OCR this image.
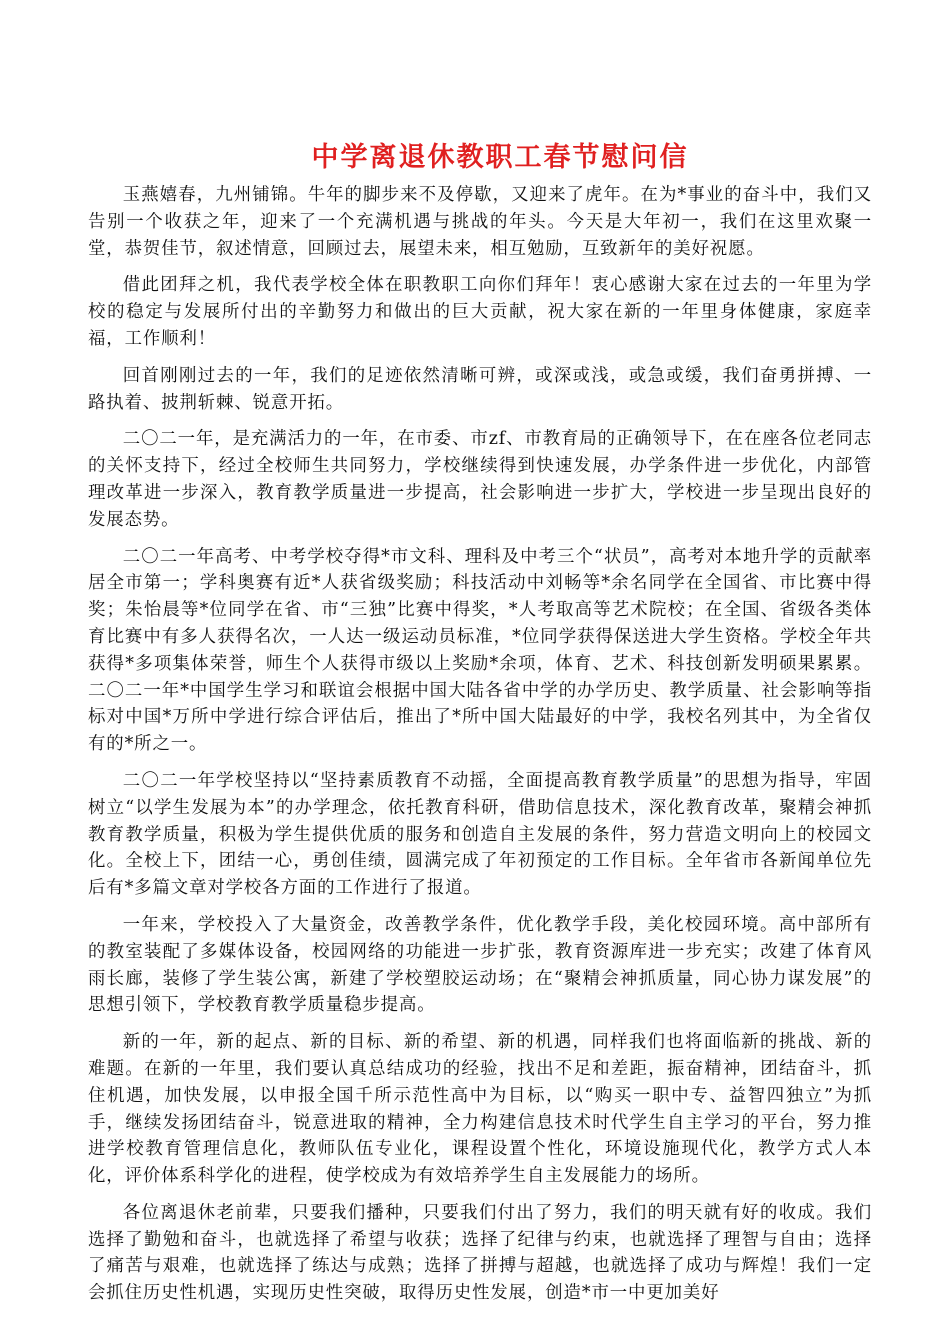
中学离退休教职工春节慰问信

玉燕嬉春，九州铺锦。牛年的脚步来不及停歇，又迎来了虎年。在为*事业的奋斗中，我们又告别一个收获之年，迎来了一个充满机遇与挑战的年头。今天是大年初一，我们在这里欢聚一堂，恭贺佳节，叙述情意，回顾过去，展望未来，相互勉励，互致新年的美好祝愿。

借此团拜之机，我代表学校全体在职教职工向你们拜年！衷心感谢大家在过去的一年里为学校的稳定与发展所付出的辛勤努力和做出的巨大贡献，祝大家在新的一年里身体健康，家庭幸福，工作顺利！

回首刚刚过去的一年，我们的足迹依然清晰可辨，或深或浅，或急或缓，我们奋勇拼搏、一路执着、披荆斩棘、锐意开拓。

二〇二一年，是充满活力的一年，在市委、市zf、市教育局的正确领导下，在在座各位老同志的关怀支持下，经过全校师生共同努力，学校继续得到快速发展，办学条件进一步优化，内部管理改革进一步深入，教育教学质量进一步提高，社会影响进一步扩大，学校进一步呈现出良好的发展态势。

二〇二一年高考、中考学校夺得*市文科、理科及中考三个“状员”，高考对本地升学的贡献率居全市第一；学科奥赛有近*人获省级奖励；科技活动中刘畅等*余名同学在全国省、市比赛中得奖；朱怡晨等*位同学在省、市“三独”比赛中得奖，*人考取高等艺术院校；在全国、省级各类体育比赛中有多人获得名次，一人达一级运动员标准，*位同学获得保送进大学生资格。学校全年共获得*多项集体荣誉，师生个人获得市级以上奖励*余项，体育、艺术、科技创新发明硕果累累。二〇二一年*中国学生学习和联谊会根据中国大陆各省中学的办学历史、教学质量、社会影响等指标对中国*万所中学进行综合评估后，推出了*所中国大陆最好的中学，我校名列其中，为全省仅有的*所之一。

二〇二一年学校坚持以“坚持素质教育不动摇，全面提高教育教学质量”的思想为指导，牢固树立“以学生发展为本”的办学理念，依托教育科研，借助信息技术，深化教育改革，聚精会神抓教育教学质量，积极为学生提供优质的服务和创造自主发展的条件，努力营造文明向上的校园文化。全校上下，团结一心，勇创佳绩，圆满完成了年初预定的工作目标。全年省市各新闻单位先后有*多篇文章对学校各方面的工作进行了报道。

一年来，学校投入了大量资金，改善教学条件，优化教学手段，美化校园环境。高中部所有的教室装配了多媒体设备，校园网络的功能进一步扩张，教育资源库进一步充实；改建了体育风雨长廊，装修了学生装公寓，新建了学校塑胶运动场；在“聚精会神抓质量，同心协力谋发展”的思想引领下，学校教育教学质量稳步提高。

新的一年，新的起点、新的目标、新的希望、新的机遇，同样我们也将面临新的挑战、新的难题。在新的一年里，我们要认真总结成功的经验，找出不足和差距，振奋精神，团结奋斗，抓住机遇，加快发展，以申报全国千所示范性高中为目标，以“购买一职中专、益智四独立”为抓手，继续发扬团结奋斗，锐意进取的精神，全力构建信息技术时代学生自主学习的平台，努力推进学校教育管理信息化，教师队伍专业化，课程设置个性化，环境设施现代化，教学方式人本化，评价体系科学化的进程，使学校成为有效培养学生自主发展能力的场所。

各位离退休老前辈，只要我们播种，只要我们付出了努力，我们的明天就有好的收成。我们选择了勤勉和奋斗，也就选择了希望与收获；选择了纪律与约束，也就选择了理智与自由；选择了痛苦与艰难，也就选择了练达与成熟；选择了拼搏与超越，也就选择了成功与辉煌！我们一定会抓住历史性机遇，实现历史性突破，取得历史性发展，创造*市一中更加美好
